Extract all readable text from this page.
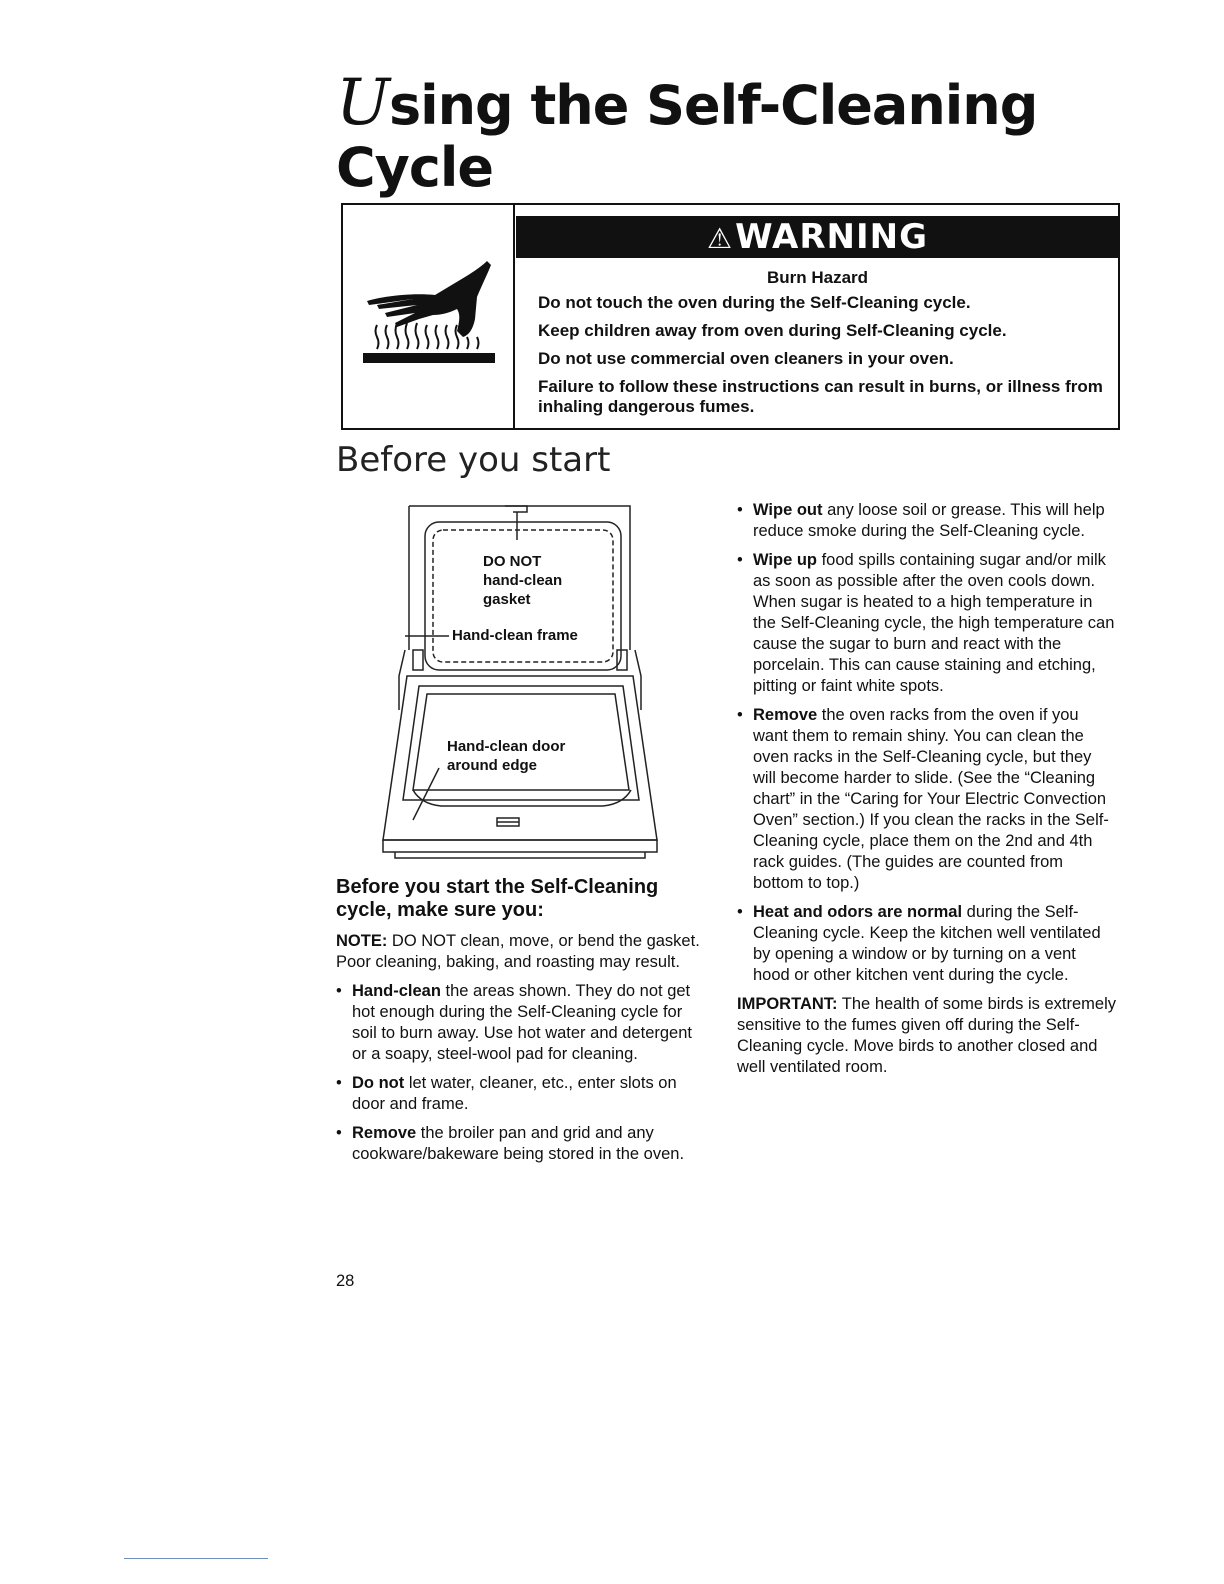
Using the Self-Cleaning
Cycle
⚠WARNING
Burn Hazard
Do not touch the oven during the Self-Cleaning cycle.
Keep children away from oven during Self-Cleaning cycle.
Do not use commercial oven cleaners in your oven.
Failure to follow these instructions can result in burns, or illness from inhaling dangerous fumes.
Before you start

DO NOT
hand-clean
gasket

Hand-clean frame

Hand-clean door
around edge

Before you start the Self-Cleaning cycle, make sure you:

NOTE: DO NOT clean, move, or bend the gasket. Poor cleaning, baking, and roasting may result.

• Hand-clean the areas shown. They do not get hot enough during the Self-Cleaning cycle for soil to burn away. Use hot water and detergent or a soapy, steel-wool pad for cleaning.
• Do not let water, cleaner, etc., enter slots on door and frame.
• Remove the broiler pan and grid and any cookware/bakeware being stored in the oven.
• Wipe out any loose soil or grease. This will help reduce smoke during the Self-Cleaning cycle.
• Wipe up food spills containing sugar and/or milk as soon as possible after the oven cools down. When sugar is heated to a high temperature in the Self-Cleaning cycle, the high temperature can cause the sugar to burn and react with the porcelain. This can cause staining and etching, pitting or faint white spots.
• Remove the oven racks from the oven if you want them to remain shiny. You can clean the oven racks in the Self-Cleaning cycle, but they will become harder to slide. (See the “Cleaning chart” in the “Caring for Your Electric Convection Oven” section.) If you clean the racks in the Self-Cleaning cycle, place them on the 2nd and 4th rack guides. (The guides are counted from bottom to top.)
• Heat and odors are normal during the Self-Cleaning cycle. Keep the kitchen well ventilated by opening a window or by turning on a vent hood or other kitchen vent during the cycle.

IMPORTANT: The health of some birds is extremely sensitive to the fumes given off during the Self-Cleaning cycle. Move birds to another closed and well ventilated room.

28
